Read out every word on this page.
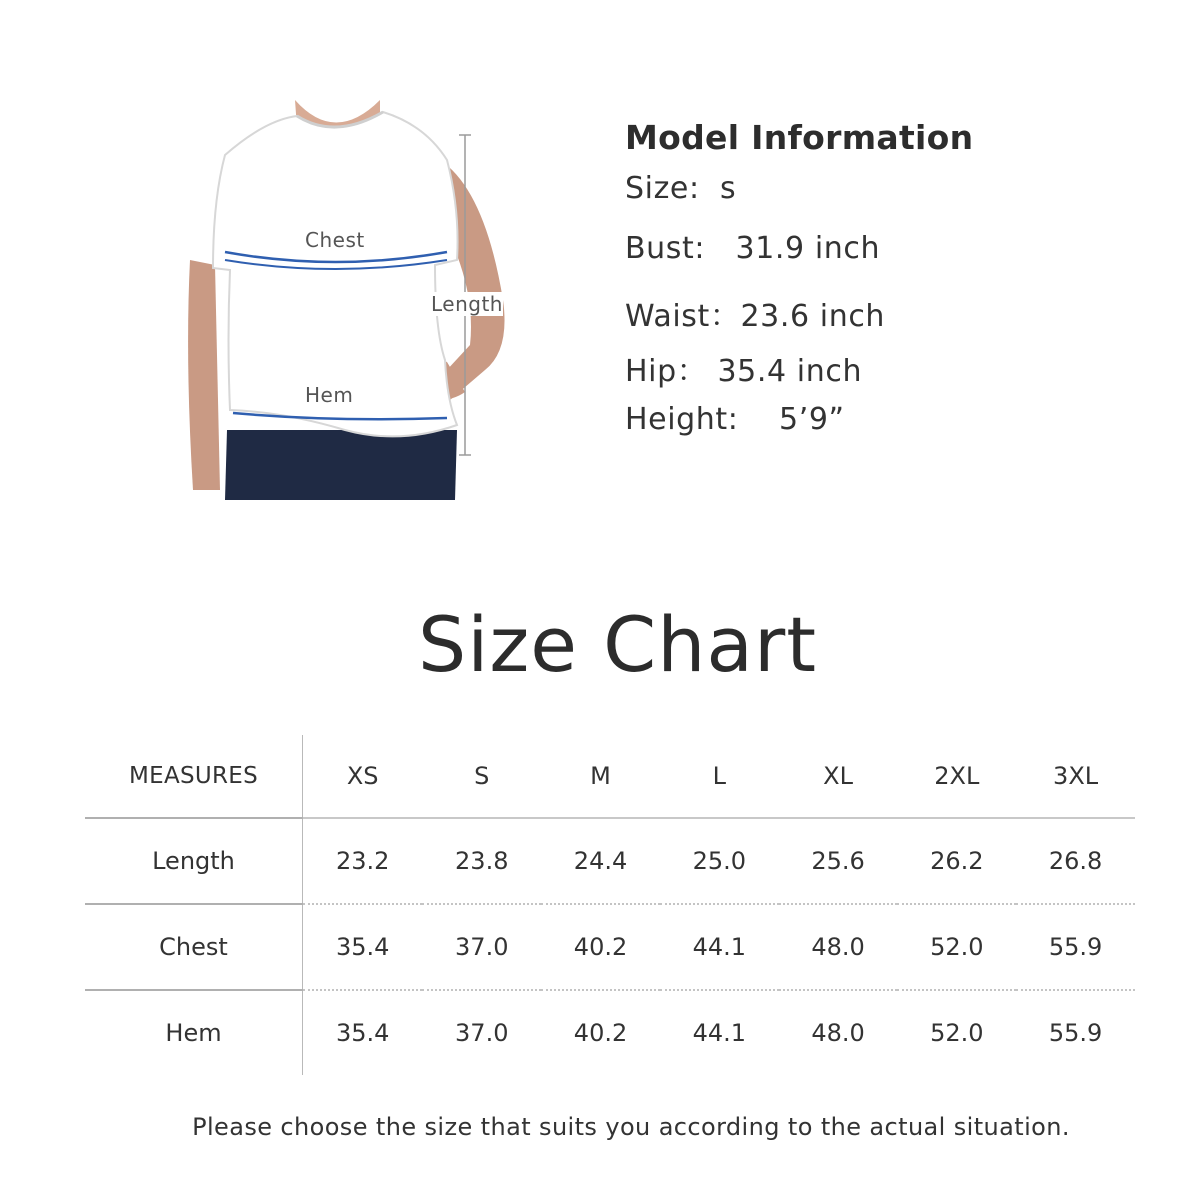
Chest
Length
Hem
Model Information
Size:  s
Bust:   31.9 inch
Waist：23.6 inch
Hip： 35.4 inch
Height:    5’9”
Size Chart
MEASURES	XS	S	M	L	XL	2XL	3XL
Length	23.2	23.8	24.4	25.0	25.6	26.2	26.8
Chest	35.4	37.0	40.2	44.1	48.0	52.0	55.9
Hem	35.4	37.0	40.2	44.1	48.0	52.0	55.9
Please choose the size that suits you according to the actual situation.
